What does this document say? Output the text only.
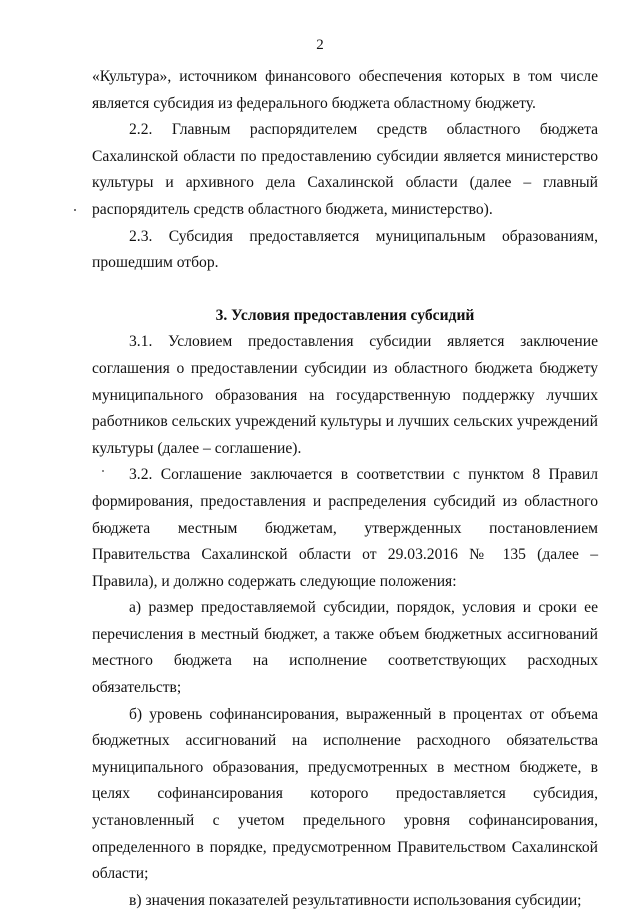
2

«Культура», источником финансового обеспечения которых в том числе является субсидия из федерального бюджета областному бюджету.

2.2. Главным распорядителем средств областного бюджета Сахалинской области по предоставлению субсидии является министерство культуры и архивного дела Сахалинской области (далее – главный распорядитель средств областного бюджета, министерство).

2.3. Субсидия предоставляется муниципальным образованиям, прошедшим отбор.

3. Условия предоставления субсидий

3.1. Условием предоставления субсидии является заключение соглашения о предоставлении субсидии из областного бюджета бюджету муниципального образования на государственную поддержку лучших работников сельских учреждений культуры и лучших сельских учреждений культуры (далее – соглашение).

3.2. Соглашение заключается в соответствии с пунктом 8 Правил формирования, предоставления и распределения субсидий из областного бюджета местным бюджетам, утвержденных постановлением Правительства Сахалинской области от 29.03.2016 № 135 (далее – Правила), и должно содержать следующие положения:

а) размер предоставляемой субсидии, порядок, условия и сроки ее перечисления в местный бюджет, а также объем бюджетных ассигнований местного бюджета на исполнение соответствующих расходных обязательств;

б) уровень софинансирования, выраженный в процентах от объема бюджетных ассигнований на исполнение расходного обязательства муниципального образования, предусмотренных в местном бюджете, в целях софинансирования которого предоставляется субсидия, установленный с учетом предельного уровня софинансирования, определенного в порядке, предусмотренном Правительством Сахалинской области;

в) значения показателей результативности использования субсидии;
